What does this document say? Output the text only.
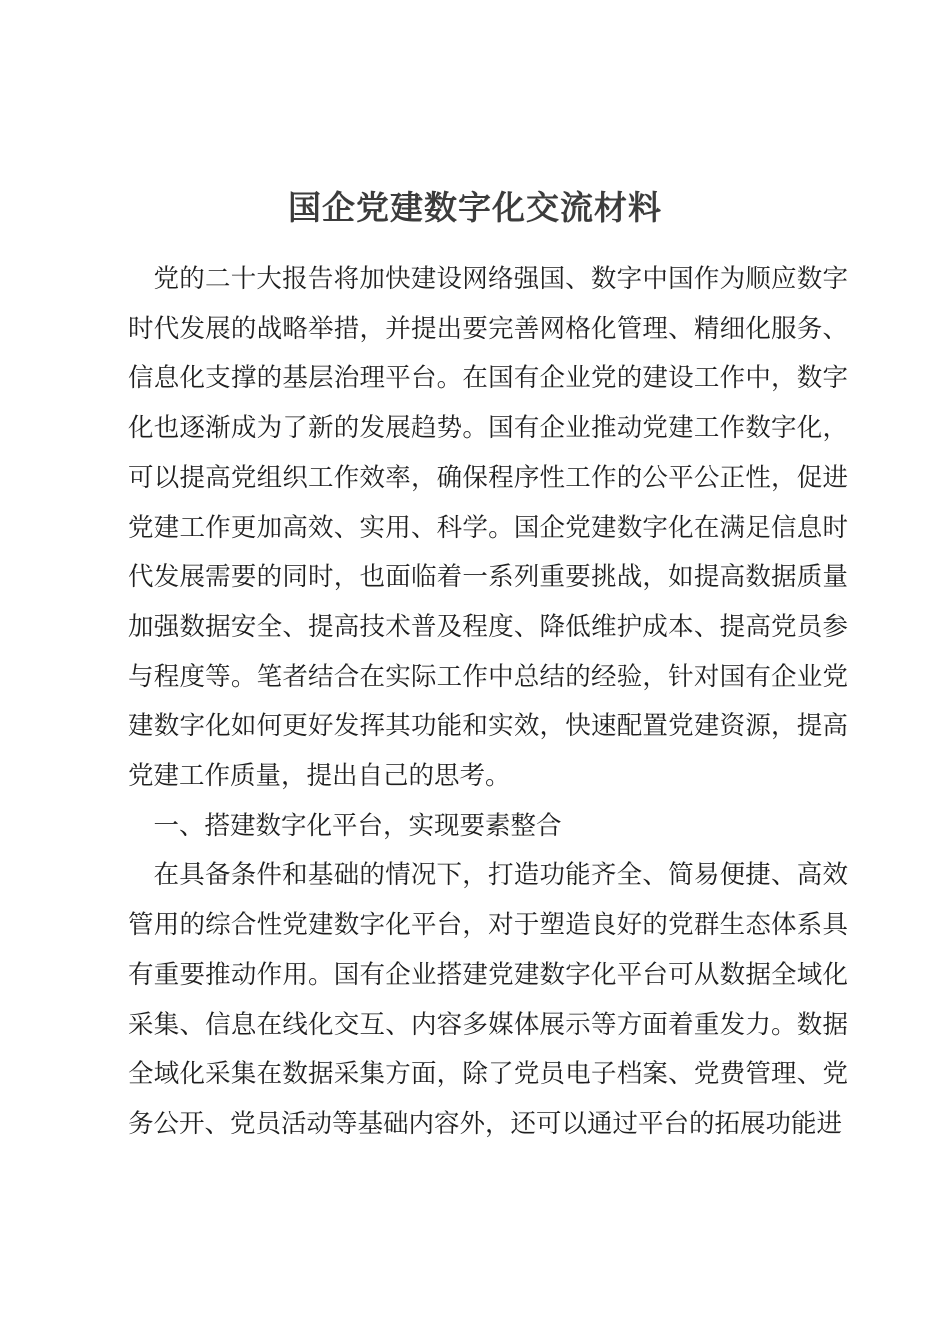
国企党建数字化交流材料

党的二十大报告将加快建设网络强国、数字中国作为顺应数字时代发展的战略举措，并提出要完善网格化管理、精细化服务、信息化支撑的基层治理平台。在国有企业党的建设工作中，数字化也逐渐成为了新的发展趋势。国有企业推动党建工作数字化，可以提高党组织工作效率，确保程序性工作的公平公正性，促进党建工作更加高效、实用、科学。国企党建数字化在满足信息时代发展需要的同时，也面临着一系列重要挑战，如提高数据质量加强数据安全、提高技术普及程度、降低维护成本、提高党员参与程度等。笔者结合在实际工作中总结的经验，针对国有企业党建数字化如何更好发挥其功能和实效，快速配置党建资源，提高党建工作质量，提出自己的思考。

一、搭建数字化平台，实现要素整合

在具备条件和基础的情况下，打造功能齐全、简易便捷、高效管用的综合性党建数字化平台，对于塑造良好的党群生态体系具有重要推动作用。国有企业搭建党建数字化平台可从数据全域化采集、信息在线化交互、内容多媒体展示等方面着重发力。数据全域化采集在数据采集方面，除了党员电子档案、党费管理、党务公开、党员活动等基础内容外，还可以通过平台的拓展功能进
